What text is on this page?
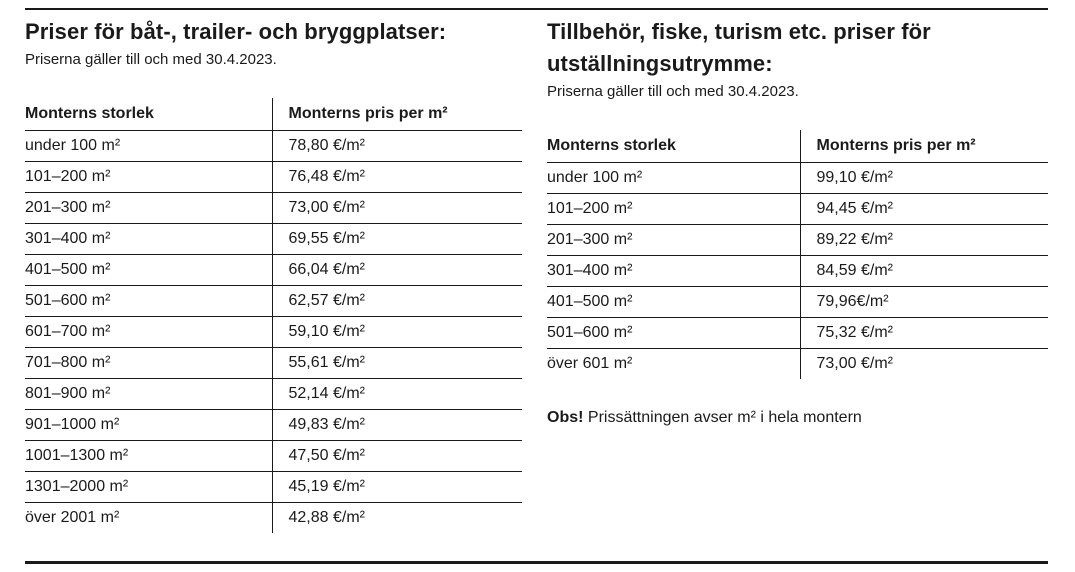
Priser för båt-, trailer- och bryggplatser:

Priserna gäller till och med 30.4.2023.

Monterns storlek	Monterns pris per m²
under 100 m²	78,80 €/m²
101–200 m²	76,48 €/m²
201–300 m²	73,00 €/m²
301–400 m²	69,55 €/m²
401–500 m²	66,04 €/m²
501–600 m²	62,57 €/m²
601–700 m²	59,10 €/m²
701–800 m²	55,61 €/m²
801–900 m²	52,14 €/m²
901–1000 m²	49,83 €/m²
1001–1300 m²	47,50 €/m²
1301–2000 m²	45,19 €/m²
över 2001 m²	42,88 €/m²
Tillbehör, fiske, turism etc. priser för
utställningsutrymme:

Priserna gäller till och med 30.4.2023.

Monterns storlek	Monterns pris per m²
under 100 m²	99,10 €/m²
101–200 m²	94,45 €/m²
201–300 m²	89,22 €/m²
301–400 m²	84,59 €/m²
401–500 m²	79,96€/m²
501–600 m²	75,32 €/m²
över 601 m²	73,00 €/m²

Obs! Prissättningen avser m² i hela montern
